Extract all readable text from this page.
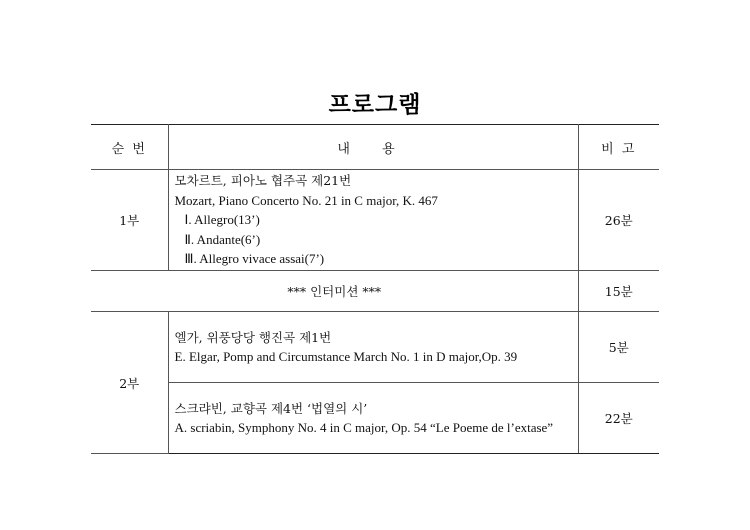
프로그램
순 번	내 용	비 고
1부	모차르트, 피아노 협주곡 제21번
Mozart, Piano Concerto No. 21 in C major, K. 467
Ⅰ. Allegro(13’)
Ⅱ. Andante(6’)
Ⅲ. Allegro vivace assai(7’)	26분
*** 인터미션 ***		15분
2부	엘가, 위풍당당 행진곡 제1번
E. Elgar, Pomp and Circumstance March No. 1 in D major,Op. 39	5분

	스크랴빈, 교향곡 제4번 ‘법열의 시’
A. scriabin, Symphony No. 4 in C major, Op. 54 “Le Poeme de l’extase”	22분
